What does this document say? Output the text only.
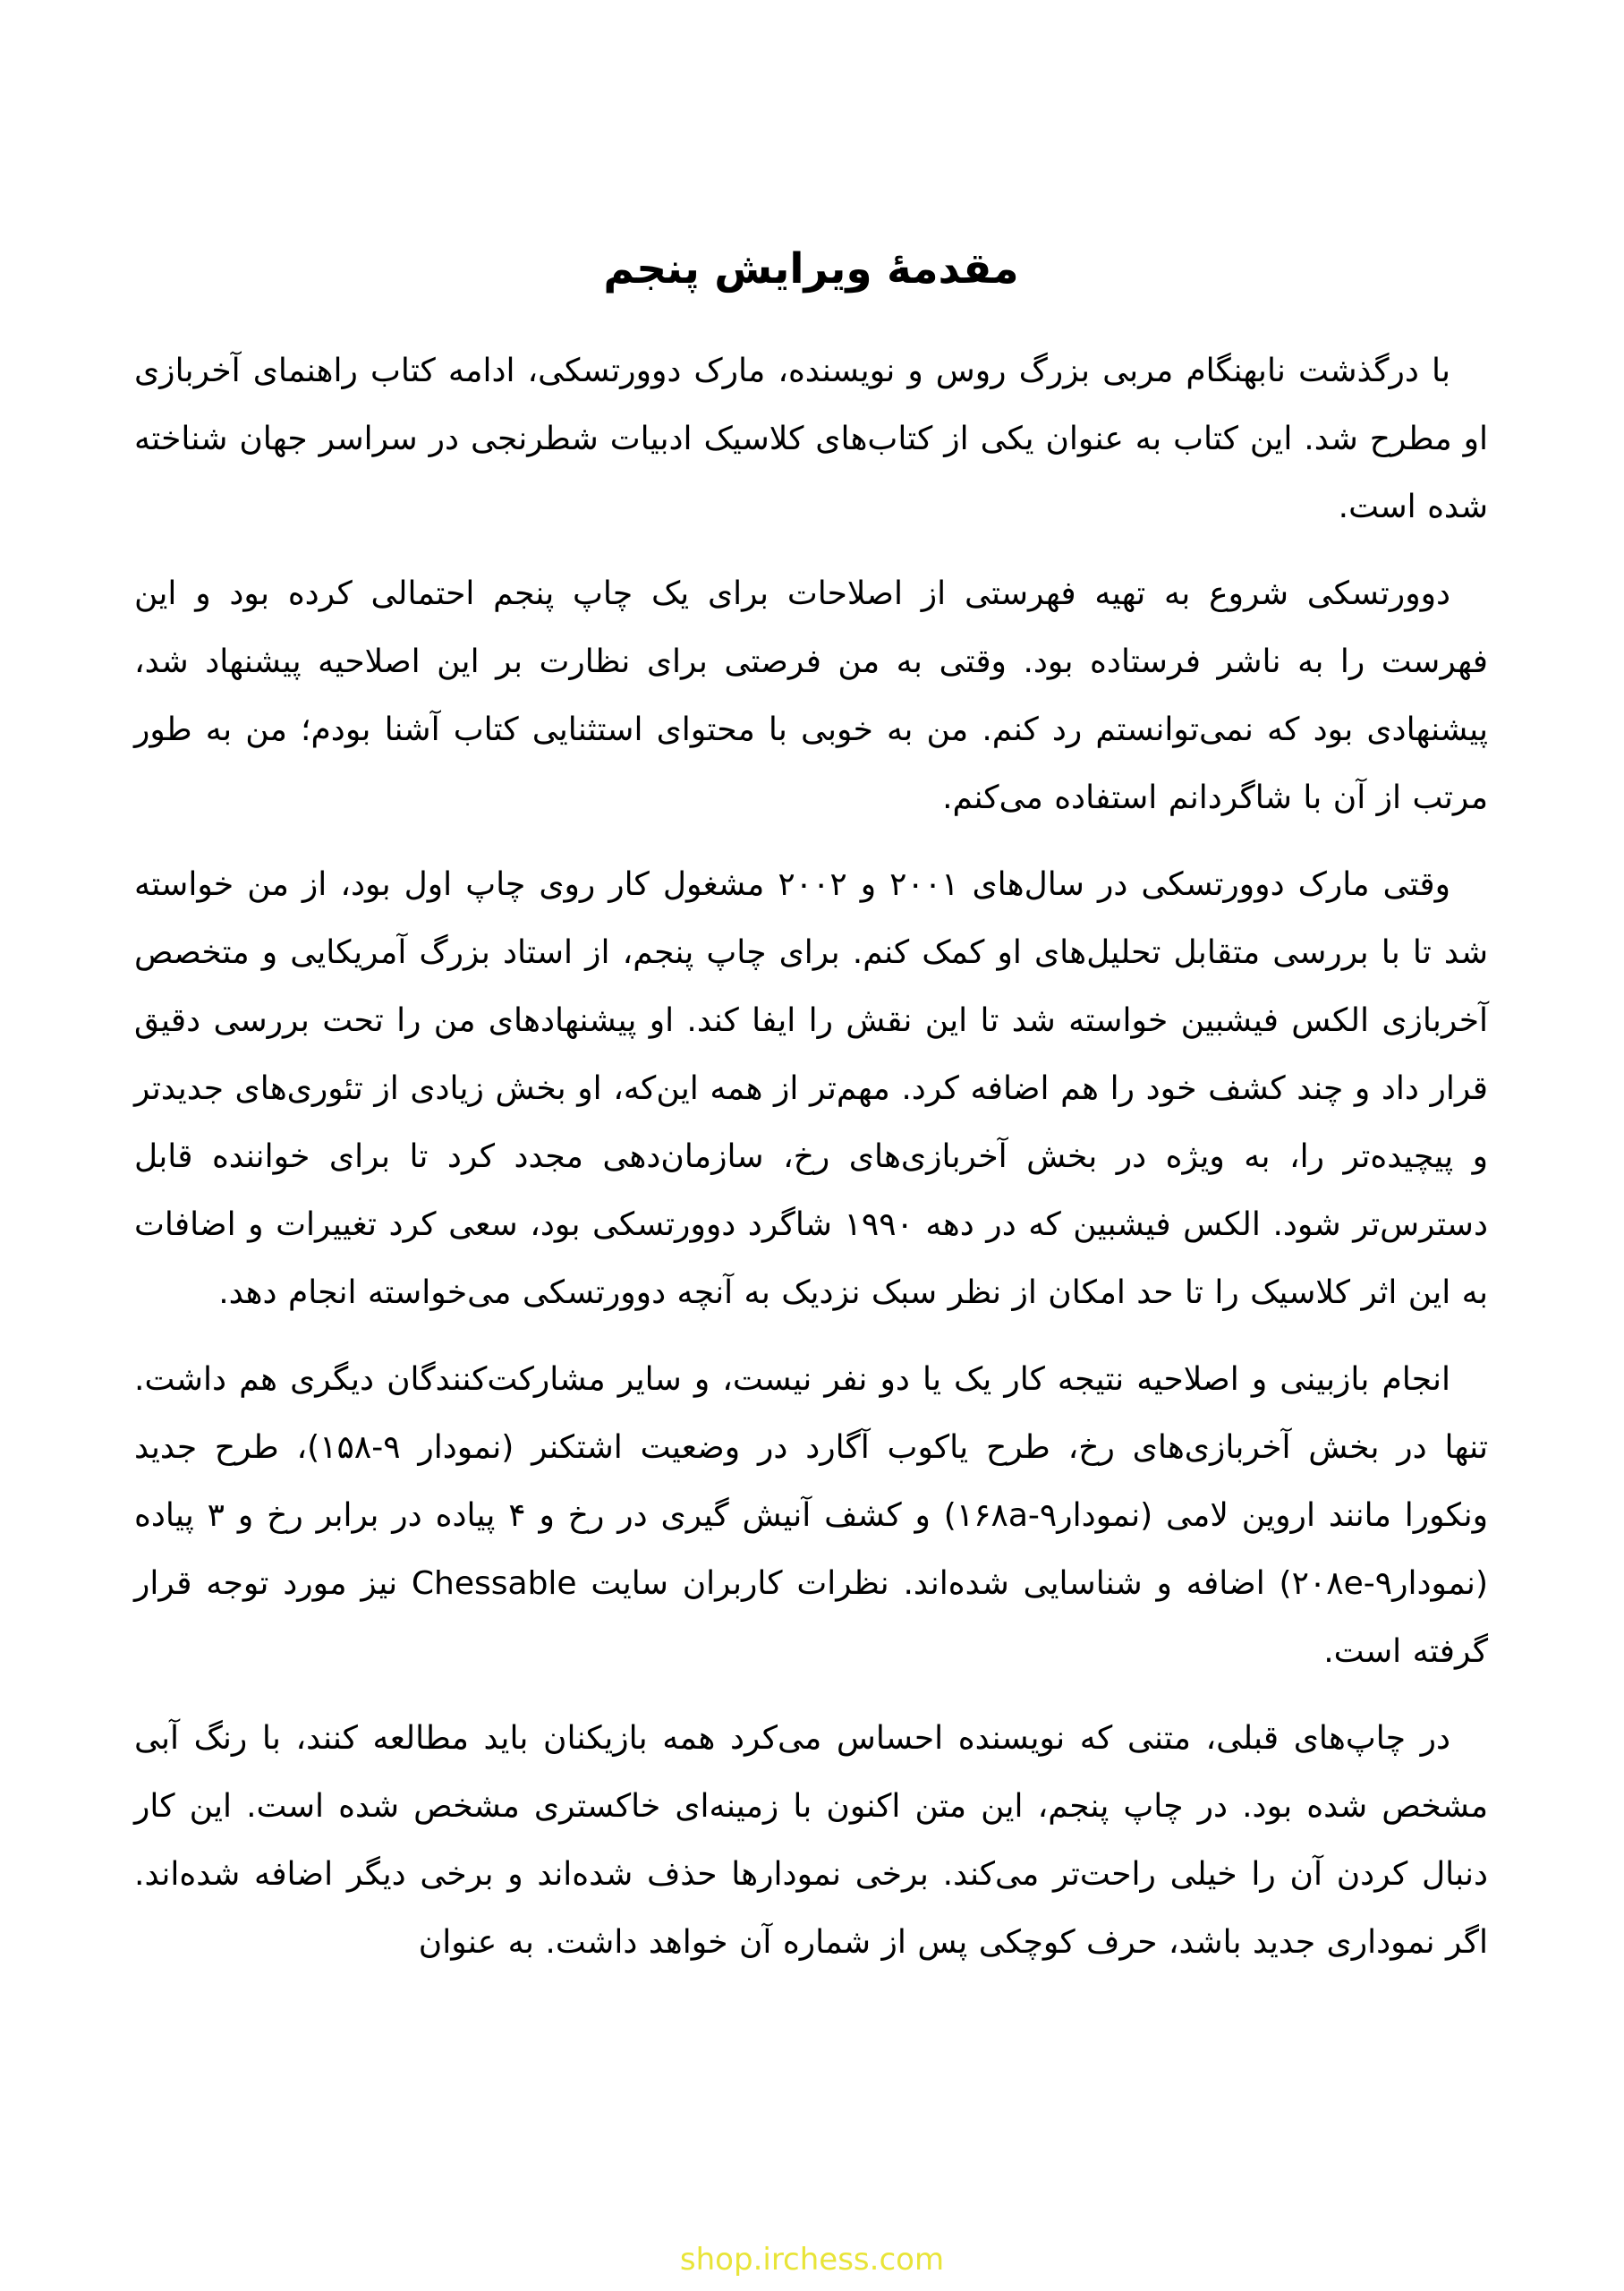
مقدمۀ ویرایش پنجم

با درگذشت نابهنگام مربی بزرگ روس و نویسنده، مارک دوورتسکی، ادامه کتاب راهنمای آخربازی او مطرح شد. این کتاب به عنوان یکی از کتاب‌های کلاسیک ادبیات شطرنجی در سراسر جهان شناخته شده است.

دوورتسکی شروع به تهیه فهرستی از اصلاحات برای یک چاپ پنجم احتمالی کرده بود و این فهرست را به ناشر فرستاده بود. وقتی به من فرصتی برای نظارت بر این اصلاحیه پیشنهاد شد، پیشنهادی بود که نمی‌توانستم رد کنم. من به خوبی با محتوای استثنایی کتاب آشنا بودم؛ من به طور مرتب از آن با شاگردانم استفاده می‌کنم.

وقتی مارک دوورتسکی در سال‌های ۲۰۰۱ و ۲۰۰۲ مشغول کار روی چاپ اول بود، از من خواسته شد تا با بررسی متقابل تحلیل‌های او کمک کنم. برای چاپ پنجم، از استاد بزرگ آمریکایی و متخصص آخربازی الکس فیشبین خواسته شد تا این نقش را ایفا کند. او پیشنهادهای من را تحت بررسی دقیق قرار داد و چند کشف خود را هم اضافه کرد. مهم‌تر از همه این‌که، او بخش زیادی از تئوری‌های جدیدتر و پیچیده‌تر را، به ویژه در بخش آخربازی‌های رخ، سازمان‌دهی مجدد کرد تا برای خواننده قابل دسترس‌تر شود. الکس فیشبین که در دهه ۱۹۹۰ شاگرد دوورتسکی بود، سعی کرد تغییرات و اضافات به این اثر کلاسیک را تا حد امکان از نظر سبک نزدیک به آنچه دوورتسکی می‌خواسته انجام دهد.

انجام بازبینی و اصلاحیه نتیجه کار یک یا دو نفر نیست، و سایر مشارکت‌کنندگان دیگری هم داشت. تنها در بخش آخربازی‌های رخ، طرح یاکوب آگارد در وضعیت اشتکنر (نمودار ۹-۱۵۸)، طرح جدید ونکورا مانند اروین لامی (نمودار۹-۱۶۸a) و کشف آنیش گیری در رخ و ۴ پیاده در برابر رخ و ۳ پیاده (نمودار۹-۲۰۸e) اضافه و شناسایی شده‌اند. نظرات کاربران سایت Chessable نیز مورد توجه قرار گرفته است.

در چاپ‌های قبلی، متنی که نویسنده احساس می‌کرد همه بازیکنان باید مطالعه کنند، با رنگ آبی مشخص شده بود. در چاپ پنجم، این متن اکنون با زمینه‌ای خاکستری مشخص شده است. این کار دنبال کردن آن را خیلی راحت‌تر می‌کند. برخی نمودارها حذف شده‌اند و برخی دیگر اضافه شده‌اند. اگر نموداری جدید باشد، حرف کوچکی پس از شماره آن خواهد داشت. به عنوان

shop.irchess.com
